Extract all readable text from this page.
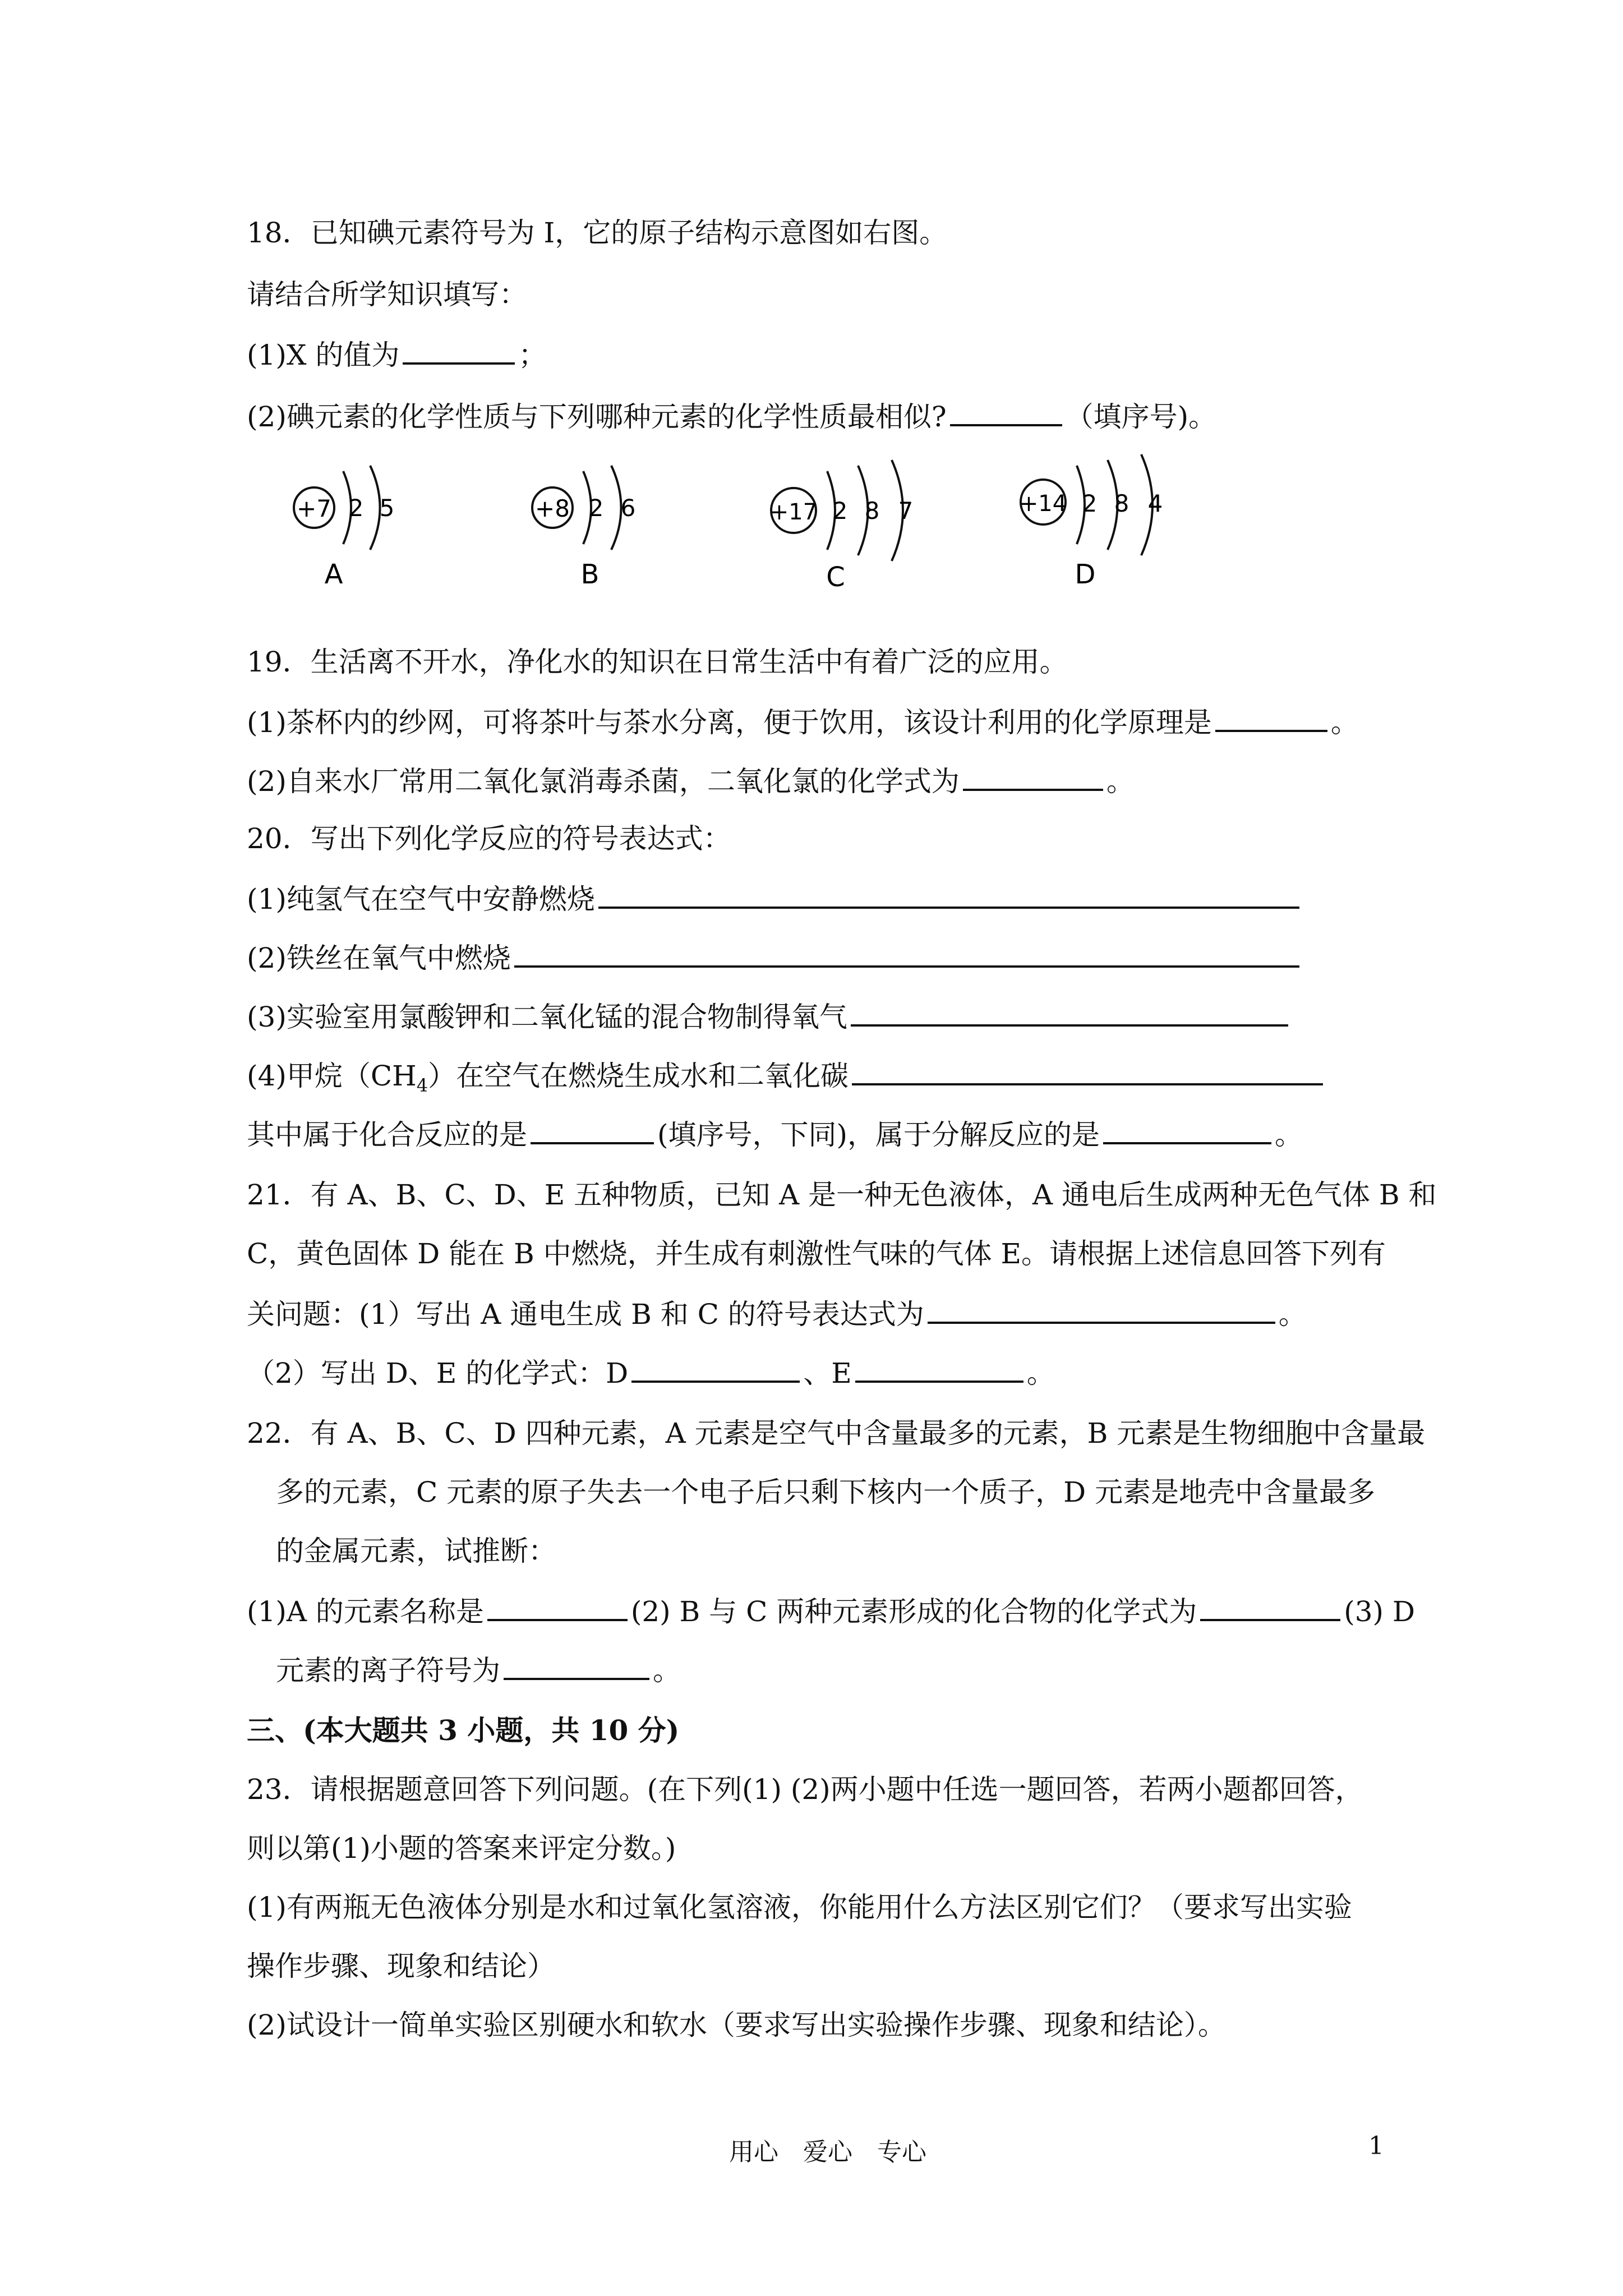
18．已知碘元素符号为 I，它的原子结构示意图如右图。
请结合所学知识填写：
(1)X 的值为	；
(2)碘元素的化学性质与下列哪种元素的化学性质最相似?	（填序号)。
+7 2 5
A
+8 2 6
B
+17 2 8 7
C
+14 2 8 4
D
19．生活离不开水，净化水的知识在日常生活中有着广泛的应用。
(1)茶杯内的纱网，可将茶叶与茶水分离，便于饮用，该设计利用的化学原理是	。
(2)自来水厂常用二氧化氯消毒杀菌，二氧化氯的化学式为	。
20．写出下列化学反应的符号表达式：
(1)纯氢气在空气中安静燃烧
(2)铁丝在氧气中燃烧
(3)实验室用氯酸钾和二氧化锰的混合物制得氧气
(4)甲烷$(CH_4)$在空气在燃烧生成水和二氧化碳
其中属于化合反应的是	(填序号，下同)，属于分解反应的是	。
21．有 A、B、C、D、E 五种物质，已知 A 是一种无色液体，A 通电后生成两种无色气体 B 和
C，黄色固体 D 能在 B 中燃烧，并生成有刺激性气味的气体 E。请根据上述信息回答下列有
关问题：(1）写出 A 通电生成 B 和 C 的符号表达式为	。
（2）写出 D、E 的化学式：D	、E	。
22．有 A、B、C、D 四种元素，A 元素是空气中含量最多的元素，B 元素是生物细胞中含量最
多的元素，C 元素的原子失去一个电子后只剩下核内一个质子，D 元素是地壳中含量最多
的金属元素，试推断：
(1)A 的元素名称是	(2) B 与 C 两种元素形成的化合物的化学式为	(3) D
元素的离子符号为	。
三、(本大题共 3 小题，共 10 分)
23．请根据题意回答下列问题。(在下列(1) (2)两小题中任选一题回答，若两小题都回答，
则以第(1)小题的答案来评定分数。)
(1)有两瓶无色液体分别是水和过氧化氢溶液，你能用什么方法区别它们？（要求写出实验
操作步骤、现象和结论）
(2)试设计一简单实验区别硬水和软水（要求写出实验操作步骤、现象和结论）。
用心　爱心　专心	1
